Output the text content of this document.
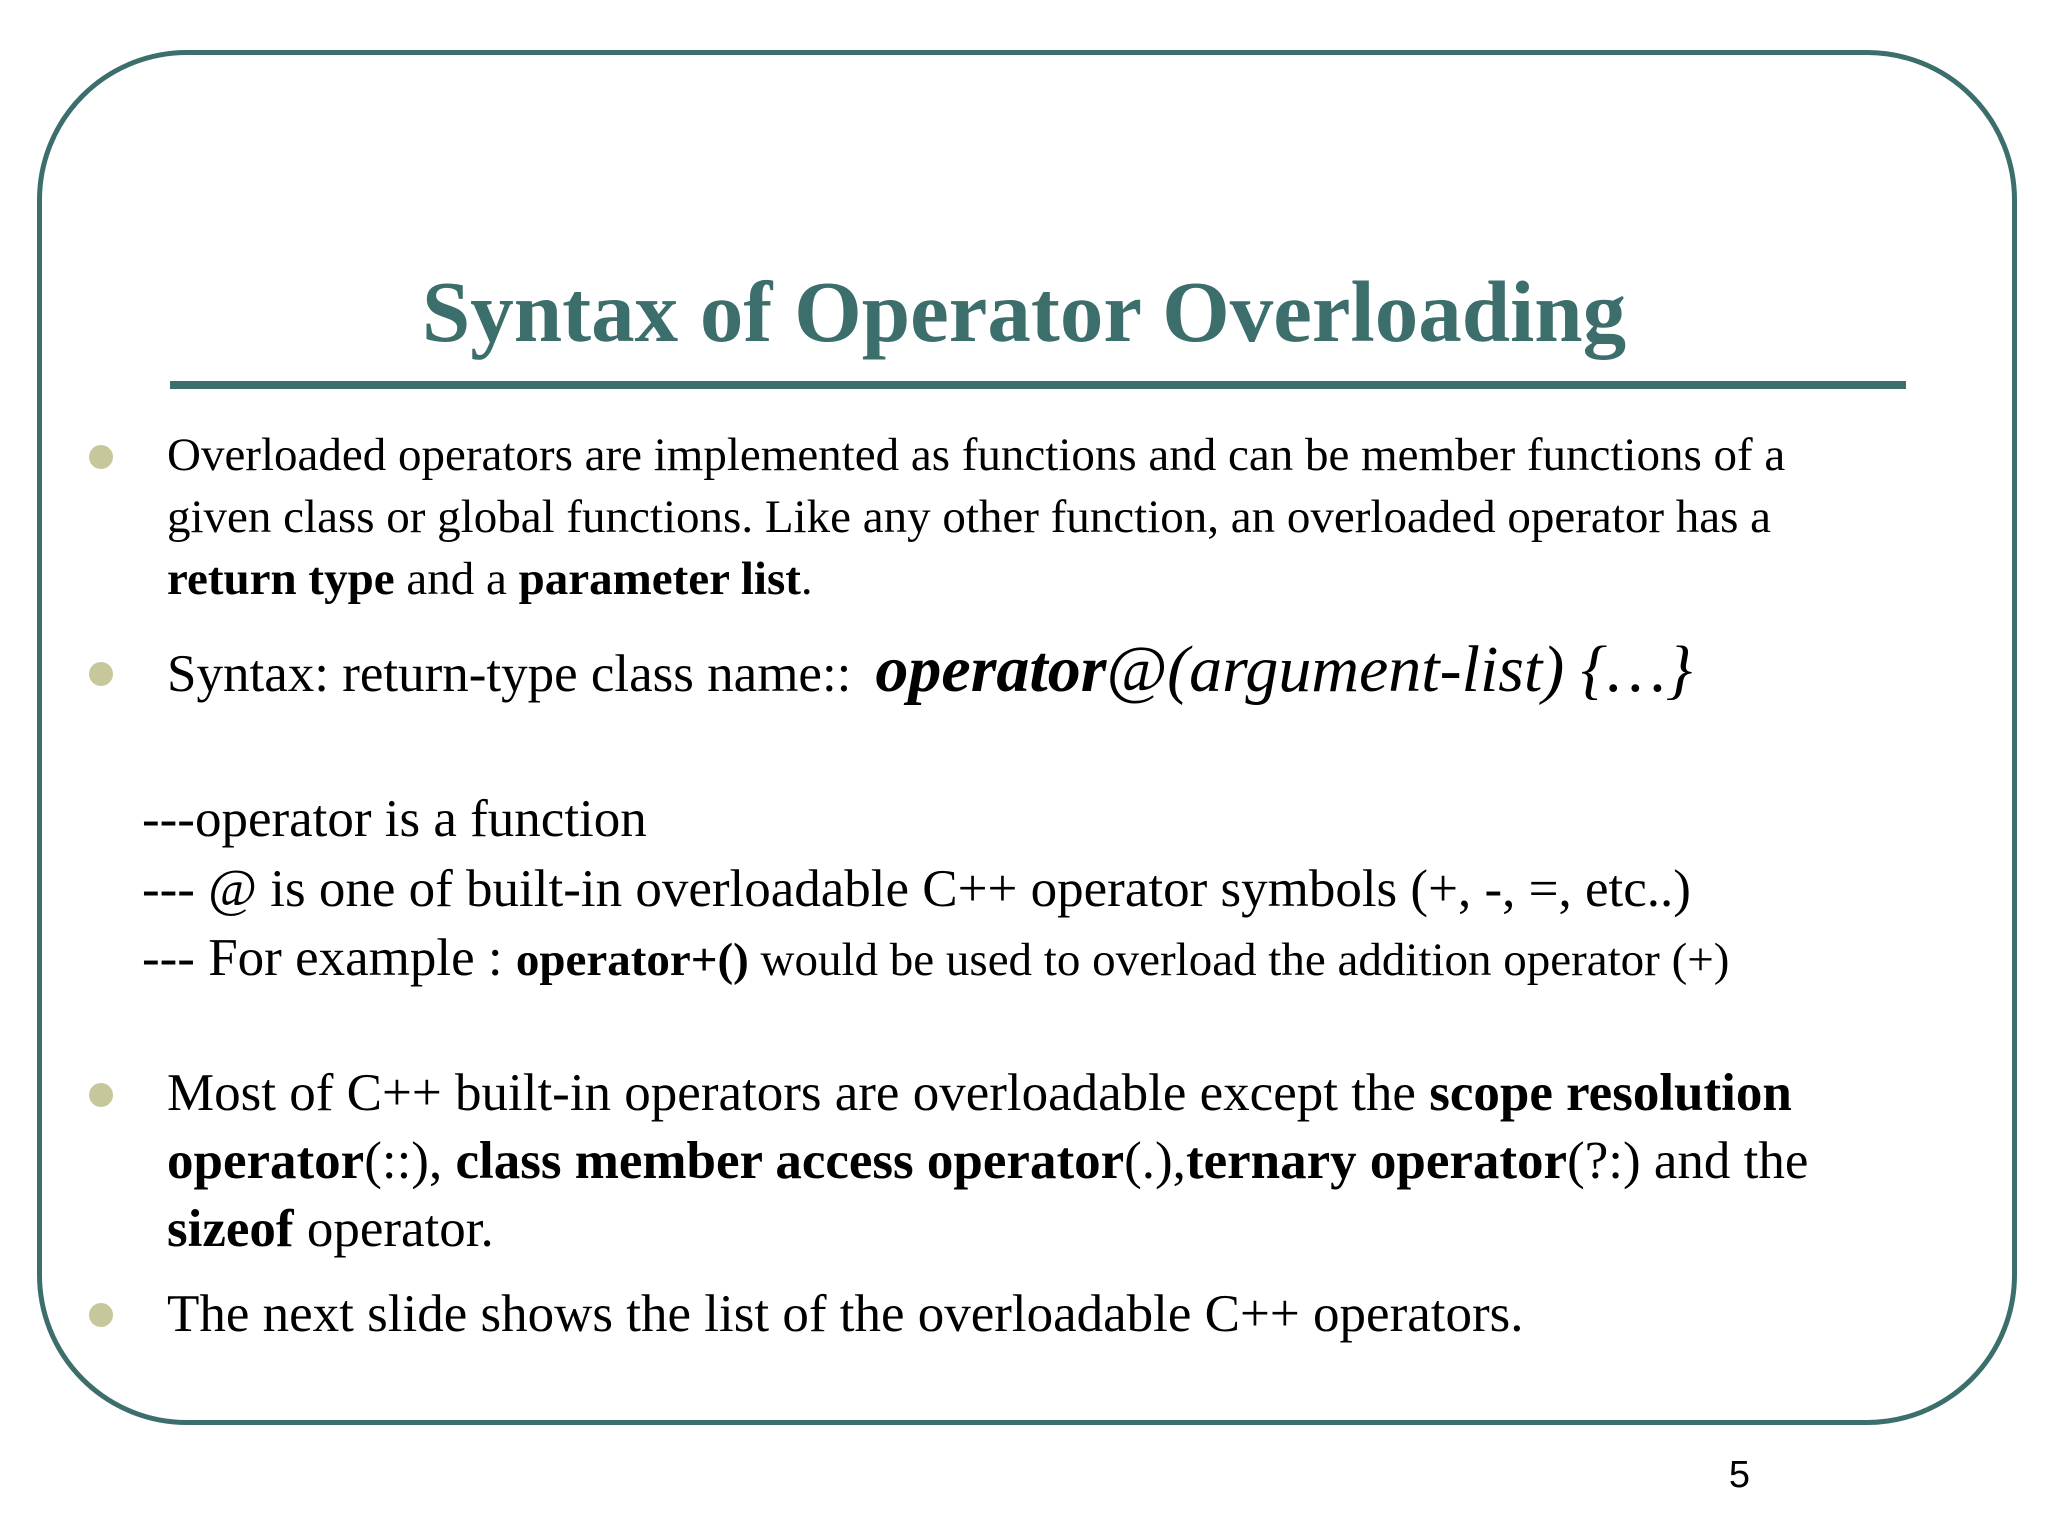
Syntax of Operator Overloading
Overloaded operators are implemented as functions and can be member functions of a
given class or global functions. Like any other function, an overloaded operator has a
return type and a parameter list.
Syntax: return-type class name:: operator@(argument-list) {…}
---operator is a function
--- @ is one of built-in overloadable C++ operator symbols (+, -, =, etc..)
--- For example : operator+() would be used to overload the addition operator (+)
Most of C++ built-in operators are overloadable except the scope resolution
operator(::), class member access operator(.),ternary operator(?:) and the
sizeof operator.
The next slide shows the list of the overloadable C++ operators.
5
